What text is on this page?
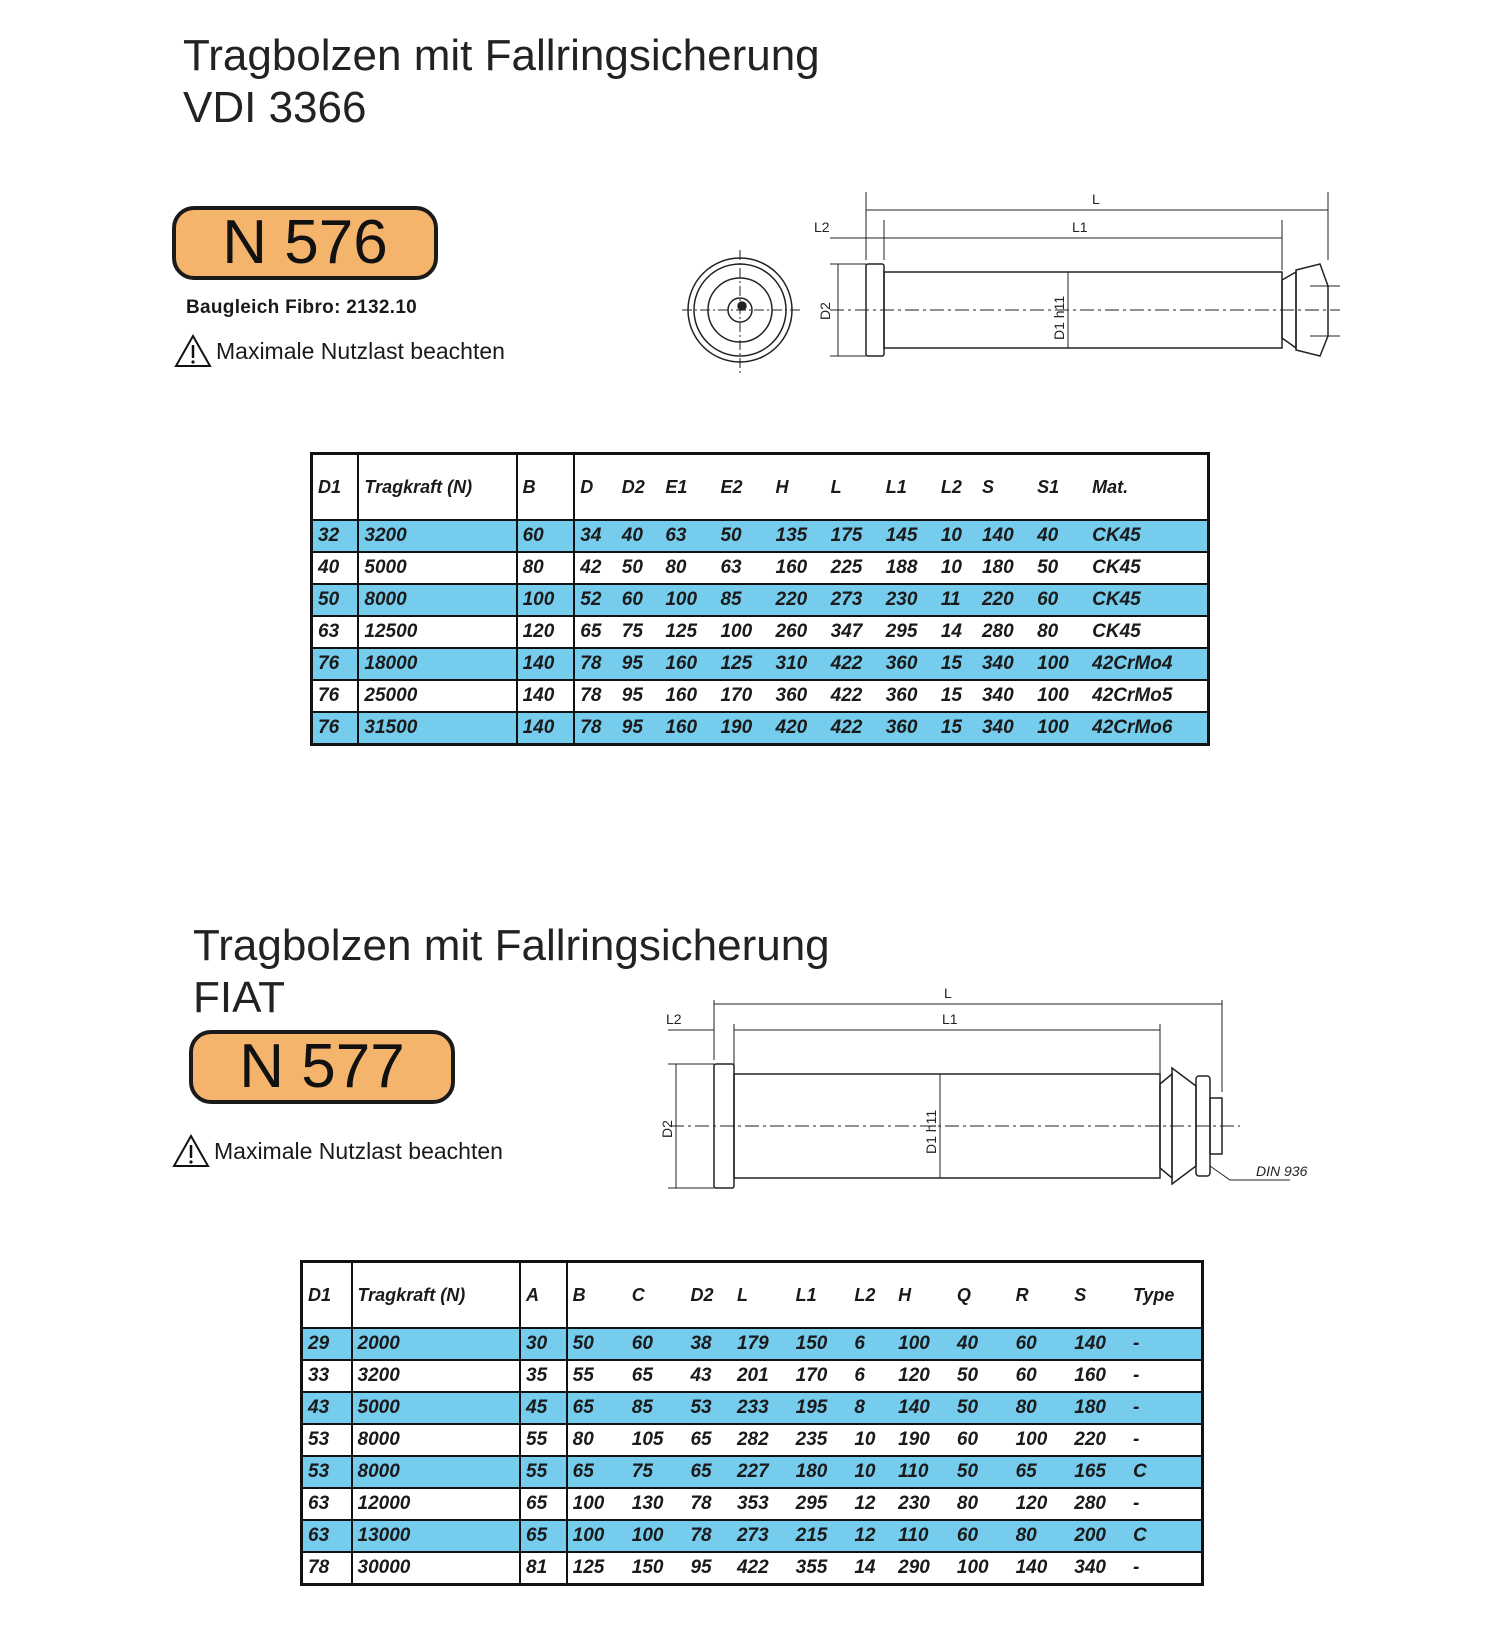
Tragbolzen mit Fallringsicherung
VDI 3366
N 576
Baugleich Fibro: 2132.10
Maximale Nutzlast beachten
L
L1
L2
D2	D1 h11
D1	Tragkraft (N)	B	D	D2	E1	E2	H	L	L1	L2	S	S1	Mat.
32	3200	60	34	40	63	50	135	175	145	10	140	40	CK45
40	5000	80	42	50	80	63	160	225	188	10	180	50	CK45
50	8000	100	52	60	100	85	220	273	230	11	220	60	CK45
63	12500	120	65	75	125	100	260	347	295	14	280	80	CK45
76	18000	140	78	95	160	125	310	422	360	15	340	100	42CrMo4
76	25000	140	78	95	160	170	360	422	360	15	340	100	42CrMo5
76	31500	140	78	95	160	190	420	422	360	15	340	100	42CrMo6
Tragbolzen mit Fallringsicherung
FIAT
N 577
Maximale Nutzlast beachten
L
L1
L2
D2	D1 h11
DIN 936
D1	Tragkraft (N)	A	B	C	D2	L	L1	L2	H	Q	R	S	Type
29	2000	30	50	60	38	179	150	6	100	40	60	140	-
33	3200	35	55	65	43	201	170	6	120	50	60	160	-
43	5000	45	65	85	53	233	195	8	140	50	80	180	-
53	8000	55	80	105	65	282	235	10	190	60	100	220	-
53	8000	55	65	75	65	227	180	10	110	50	65	165	C
63	12000	65	100	130	78	353	295	12	230	80	120	280	-
63	13000	65	100	100	78	273	215	12	110	60	80	200	C
78	30000	81	125	150	95	422	355	14	290	100	140	340	-
